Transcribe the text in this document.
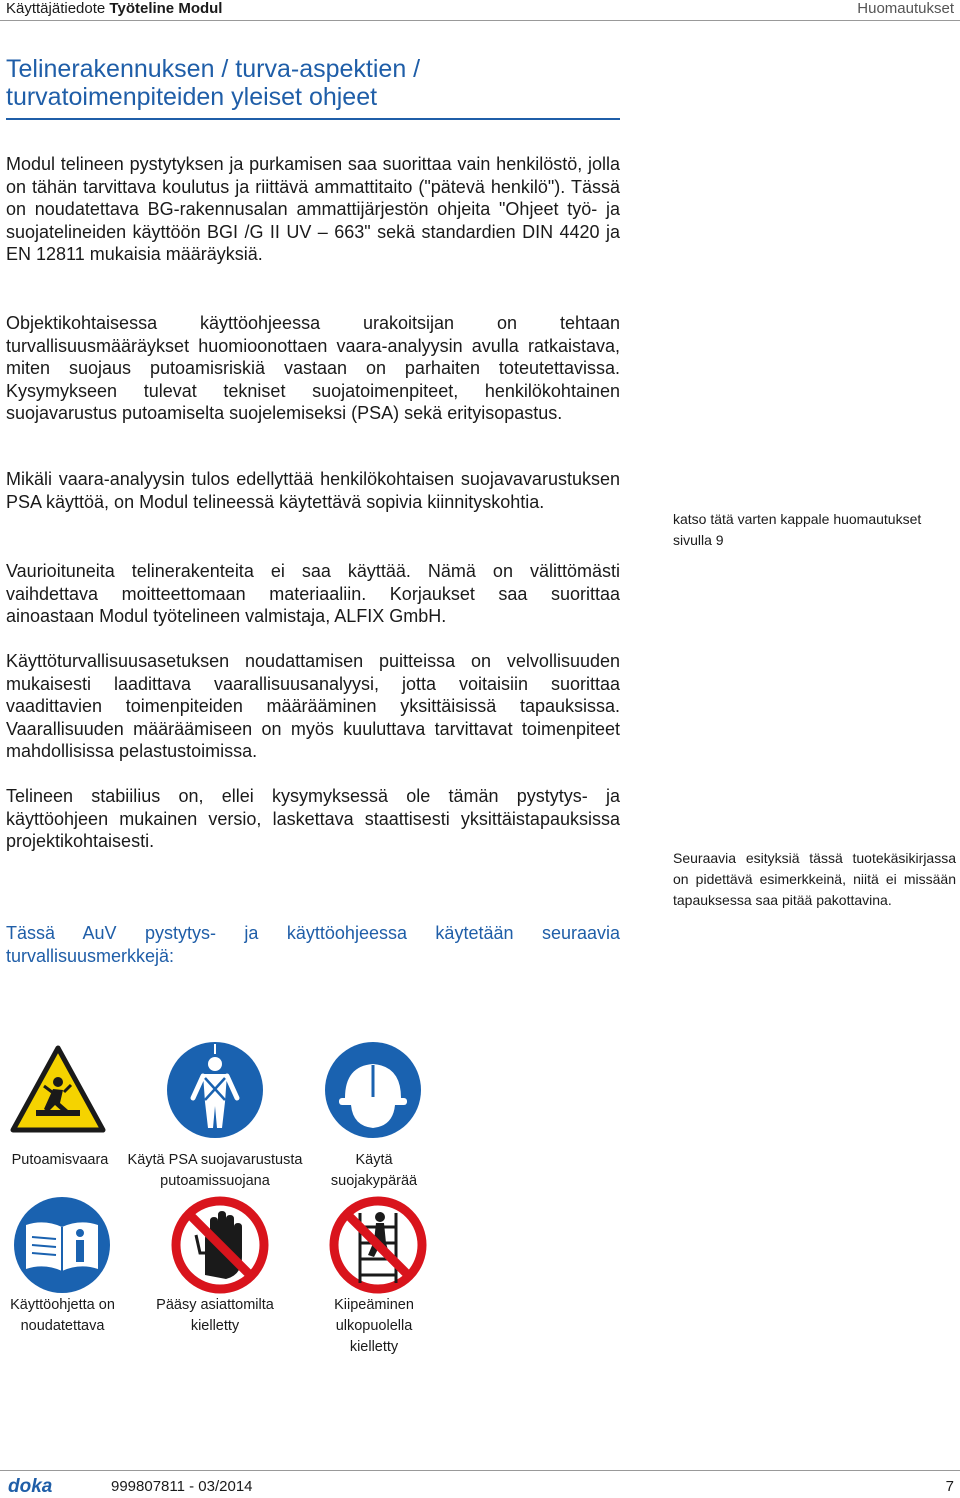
Käyttäjätiedote Työteline Modul	Huomautukset
Telinerakennuksen / turva-aspektien / turvatoimenpiteiden yleiset ohjeet

Modul telineen pystytyksen ja purkamisen saa suorittaa vain henkilöstö, jolla on tähän tarvittava koulutus ja riittävä ammattitaito ("pätevä henkilö"). Tässä on noudatettava BG-rakennusalan ammattijärjestön ohjeita "Ohjeet työ- ja suojatelineiden käyttöön BGI /G II UV – 663" sekä standardien DIN 4420 ja EN 12811 mukaisia määräyksiä.

Objektikohtaisessa käyttöohjeessa urakoitsijan on tehtaan turvallisuusmääräykset huomioonottaen vaara-analyysin avulla ratkaistava, miten suojaus putoamisriskiä vastaan on parhaiten toteutettavissa. Kysymykseen tulevat tekniset suojatoimenpiteet, henkilökohtainen suojavarustus putoamiselta suojelemiseksi (PSA) sekä erityisopastus.

Mikäli vaara-analyysin tulos edellyttää henkilökohtaisen suojavavarustuksen PSA käyttöä, on Modul telineessä käytettävä sopivia kiinnityskohtia.

Vaurioituneita telinerakenteita ei saa käyttää. Nämä on välittömästi vaihdettava moitteettomaan materiaaliin. Korjaukset saa suorittaa ainoastaan Modul työtelineen valmistaja, ALFIX GmbH.

Käyttöturvallisuusasetuksen noudattamisen puitteissa on velvollisuuden mukaisesti laadittava vaarallisuusanalyysi, jotta voitaisiin suorittaa vaadittavien toimenpiteiden määrääminen yksittäisissä tapauksissa. Vaarallisuuden määräämiseen on myös kuuluttava tarvittavat toimenpiteet mahdollisissa pelastustoimissa.

Telineen stabiilius on, ellei kysymyksessä ole tämän pystytys- ja käyttöohjeen mukainen versio, laskettava staattisesti yksittäistapauksissa projektikohtaisesti.

Tässä AuV pystytys- ja käyttöohjeessa käytetään seuraavia turvallisuusmerkkejä:

katso tätä varten kappale huomautukset sivulla 9

Seuraavia esityksiä tässä tuotekäsikirjassa on pidettävä esimerkkeinä, niitä ei missään tapauksessa saa pitää pakottavina.

Putoamisvaara	Käytä PSA suojavarustusta putoamissuojana

Käytä suojakypärää

Käyttöohjetta on noudatettava

Pääsy asiattomilta kielletty

Kiipeäminen ulkopuolella kielletty

doka	999807811 - 03/2014	7
